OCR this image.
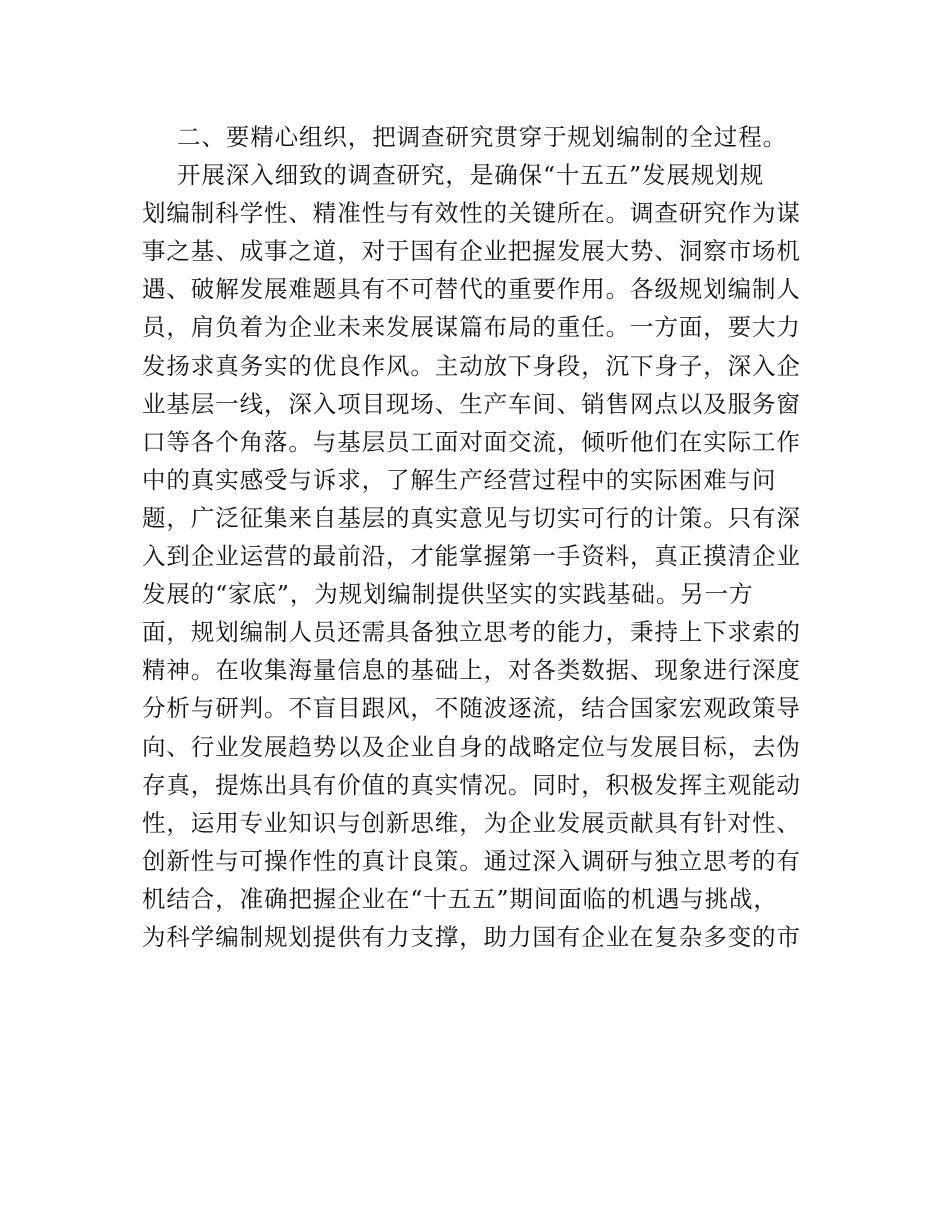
二、要精心组织，把调查研究贯穿于规划编制的全过程。
开展深入细致的调查研究，是确保“十五五”发展规划规
划编制科学性、精准性与有效性的关键所在。调查研究作为谋
事之基、成事之道，对于国有企业把握发展大势、洞察市场机
遇、破解发展难题具有不可替代的重要作用。各级规划编制人
员，肩负着为企业未来发展谋篇布局的重任。一方面，要大力
发扬求真务实的优良作风。主动放下身段，沉下身子，深入企
业基层一线，深入项目现场、生产车间、销售网点以及服务窗
口等各个角落。与基层员工面对面交流，倾听他们在实际工作
中的真实感受与诉求，了解生产经营过程中的实际困难与问
题，广泛征集来自基层的真实意见与切实可行的计策。只有深
入到企业运营的最前沿，才能掌握第一手资料，真正摸清企业
发展的“家底”，为规划编制提供坚实的实践基础。另一方
面，规划编制人员还需具备独立思考的能力，秉持上下求索的
精神。在收集海量信息的基础上，对各类数据、现象进行深度
分析与研判。不盲目跟风，不随波逐流，结合国家宏观政策导
向、行业发展趋势以及企业自身的战略定位与发展目标，去伪
存真，提炼出具有价值的真实情况。同时，积极发挥主观能动
性，运用专业知识与创新思维，为企业发展贡献具有针对性、
创新性与可操作性的真计良策。通过深入调研与独立思考的有
机结合，准确把握企业在“十五五”期间面临的机遇与挑战，
为科学编制规划提供有力支撑，助力国有企业在复杂多变的市
